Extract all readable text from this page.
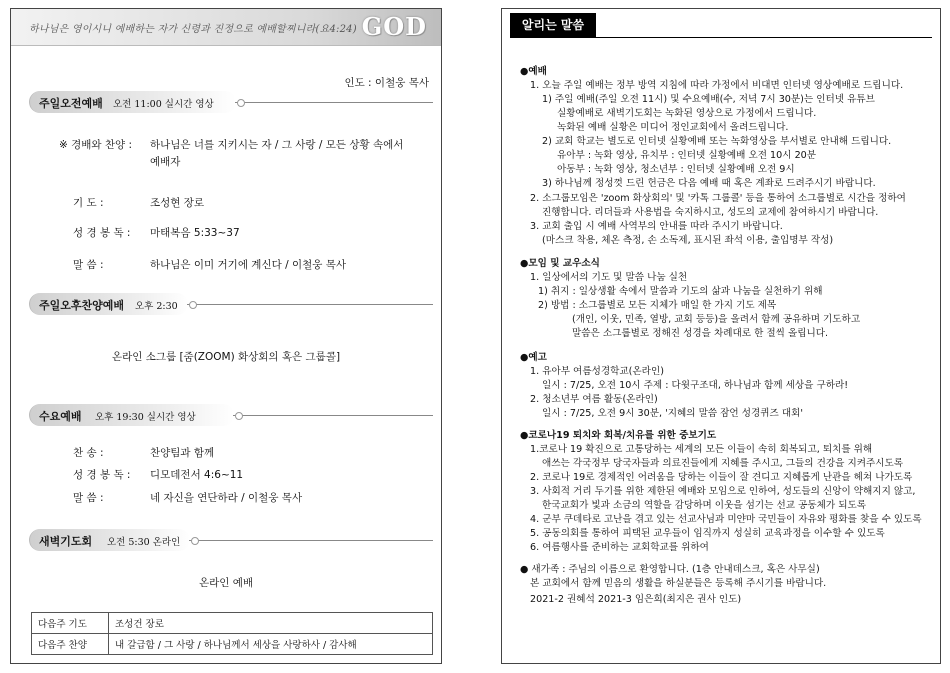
하나님은 영이시니 예배하는 자가 신령과 진정으로 예배할찌니라(요4:24) GOD
인도 : 이철웅 목사
주일오전예배 오전 11:00 실시간 영상
※ 경배와 찬양 : 하나님은 너를 지키시는 자 / 그 사랑 / 모든 상황 속에서
예배자
기 도 :	조성현 장로
성 경 봉 독 : 마태복음 5:33~37
말 씀 :	하나님은 이미 거기에 계신다 / 이철웅 목사
주일오후찬양예배 오후 2:30
온라인 소그룹 [줌(ZOOM) 화상회의 혹은 그룹콜]
수요예배 오후 19:30 실시간 영상
찬 송 :	찬양팀과 함께
성 경 봉 독 : 디모데전서 4:6~11
말 씀 :	네 자신을 연단하라 / 이철웅 목사
새벽기도회 오전 5:30 온라인
온라인 예배
다음주 기도	조성건 장로
다음주 찬양	내 갈급함 / 그 사랑 / 하나님께서 세상을 사랑하사 / 감사해
알리는 말씀
●예배
1. 오늘 주일 예배는 정부 방역 지침에 따라 가정에서 비대면 인터넷 영상예배로 드립니다.
1) 주일 예배(주일 오전 11시) 및 수요예배(수, 저녁 7시 30분)는 인터넷 유튜브
실황예배로 새벽기도회는 녹화된 영상으로 가정에서 드립니다.
녹화된 예배 실황은 미디어 정인교회에서 올려드립니다.
2) 교회 학교는 별도로 인터넷 실황예배 또는 녹화영상을 부서별로 안내해 드립니다.
유아부 : 녹화 영상, 유치부 : 인터넷 실황예배 오전 10시 20분
아동부 : 녹화 영상, 청소년부 : 인터넷 실황예배 오전 9시
3) 하나님께 정성껏 드린 헌금은 다음 예배 때 혹은 계좌로 드려주시기 바랍니다.
2. 소그룹모임은 'zoom 화상회의' 및 '카톡 그룹콜' 등을 통하여 소그룹별로 시간을 정하여
진행합니다. 리더들과 사용법을 숙지하시고, 성도의 교제에 참여하시기 바랍니다.
3. 교회 출입 시 예배 사역부의 안내를 따라 주시기 바랍니다.
(마스크 착용, 체온 측정, 손 소독제, 표시된 좌석 이용, 출입명부 작성)
●모임 및 교우소식
1. 일상에서의 기도 및 말씀 나눔 실천
1) 취지 : 일상생활 속에서 말씀과 기도의 삶과 나눔을 실천하기 위해
2) 방법 : 소그룹별로 모든 지체가 매일 한 가지 기도 제목
(개인, 이웃, 민족, 열방, 교회 등등)을 올려서 함께 공유하며 기도하고
말씀은 소그룹별로 정해진 성경을 차례대로 한 절씩 올립니다.
●예고
1. 유아부 여름성경학교(온라인)
일시 : 7/25, 오전 10시 주제 : 다윗구조대, 하나님과 함께 세상을 구하라!
2. 청소년부 여름 활동(온라인)
일시 : 7/25, 오전 9시 30분, '지혜의 말씀 잠언 성경퀴즈 대회'
●코로나19 퇴치와 회복/치유를 위한 중보기도
1.코로나 19 확진으로 고통당하는 세계의 모든 이들이 속히 회복되고, 퇴치를 위해
애쓰는 각국정부 당국자들과 의료진들에게 지혜를 주시고, 그들의 건강을 지켜주시도록
2. 코로나 19로 경제적인 어려움을 당하는 이들이 잘 견디고 지혜롭게 난관을 헤쳐 나가도록
3. 사회적 거리 두기를 위한 제한된 예배와 모임으로 인하여, 성도들의 신앙이 약해지지 않고,
한국교회가 빛과 소금의 역할을 감당하며 이웃을 섬기는 선교 공동체가 되도록
4. 군부 쿠데타로 고난을 겪고 있는 선교사님과 미얀마 국민들이 자유와 평화를 찾을 수 있도록
5. 공동의회를 통하여 피택된 교우들이 임직까지 성실히 교육과정을 이수할 수 있도록
6. 여름행사를 준비하는 교회학교를 위하여
● 새가족 : 주님의 이름으로 환영합니다. (1층 안내데스크, 혹은 사무실)
본 교회에서 함께 믿음의 생활을 하실분들은 등록해 주시기를 바랍니다.
2021-2 권혜석 2021-3 임은희(최지은 권사 인도)
